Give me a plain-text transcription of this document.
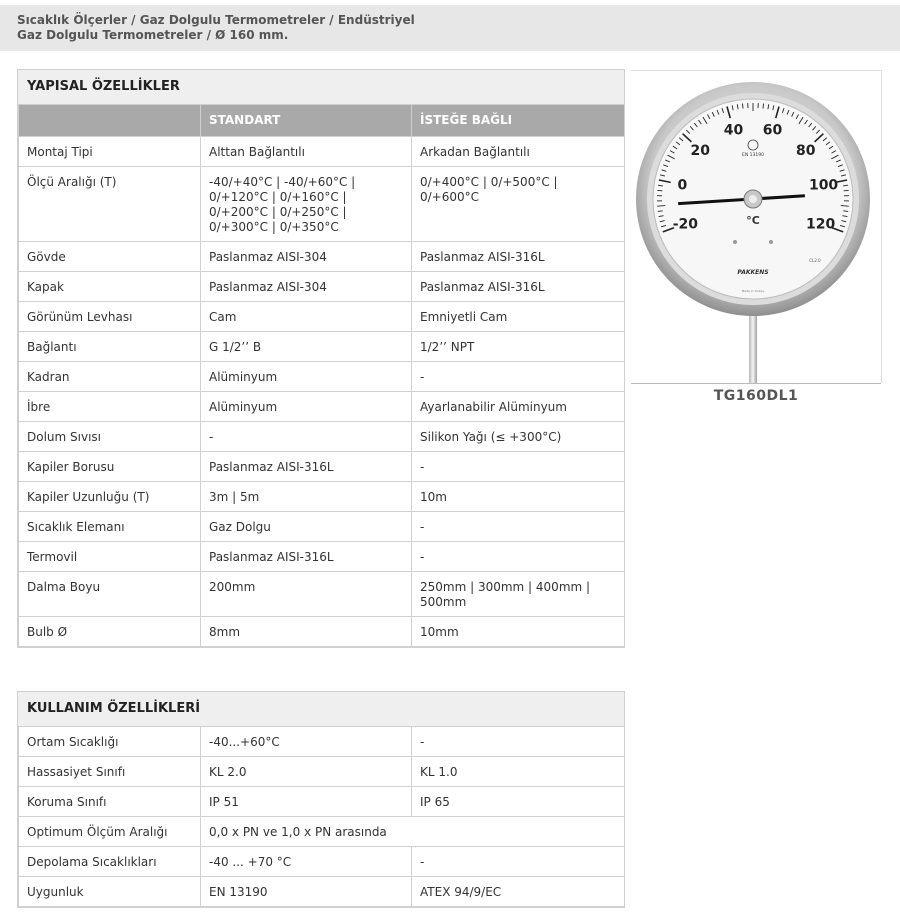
Sıcaklık Ölçerler / Gaz Dolgulu Termometreler / Endüstriyel
Gaz Dolgulu Termometreler / Ø 160 mm.
YAPISAL ÖZELLİKLER
	STANDART	İSTEĞE BAĞLI
Montaj Tipi	Alttan Bağlantılı	Arkadan Bağlantılı
Ölçü Aralığı (T)	-40/+40°C | -40/+60°C | 0/+120°C | 0/+160°C | 0/+200°C | 0/+250°C | 0/+300°C | 0/+350°C	0/+400°C | 0/+500°C | 0/+600°C
Gövde	Paslanmaz AISI-304	Paslanmaz AISI-316L
Kapak	Paslanmaz AISI-304	Paslanmaz AISI-316L
Görünüm Levhası	Cam	Emniyetli Cam
Bağlantı	G 1/2’’ B	1/2’’ NPT
Kadran	Alüminyum	-
İbre	Alüminyum	Ayarlanabilir Alüminyum
Dolum Sıvısı	-	Silikon Yağı (≤ +300°C)
Kapiler Borusu	Paslanmaz AISI-316L	-
Kapiler Uzunluğu (T)	3m | 5m	10m
Sıcaklık Elemanı	Gaz Dolgu	-
Termovil	Paslanmaz AISI-316L	-
Dalma Boyu	200mm	250mm | 300mm | 400mm | 500mm
Bulb Ø	8mm	10mm
KULLANIM ÖZELLİKLERİ
Ortam Sıcaklığı	-40...+60°C	-
Hassasiyet Sınıfı	KL 2.0	KL 1.0
Koruma Sınıfı	IP 51	IP 65
Optimum Ölçüm Aralığı	0,0 x PN ve 1,0 x PN arasında	
Depolama Sıcaklıkları	-40 ... +70 °C	-
Uygunluk	EN 13190	ATEX 94/9/EC
-20
0
20
40 60
80
100
120
EN 13190
°C
PAKKENS
CL2.0
Made in Turkey
TG160DL1
